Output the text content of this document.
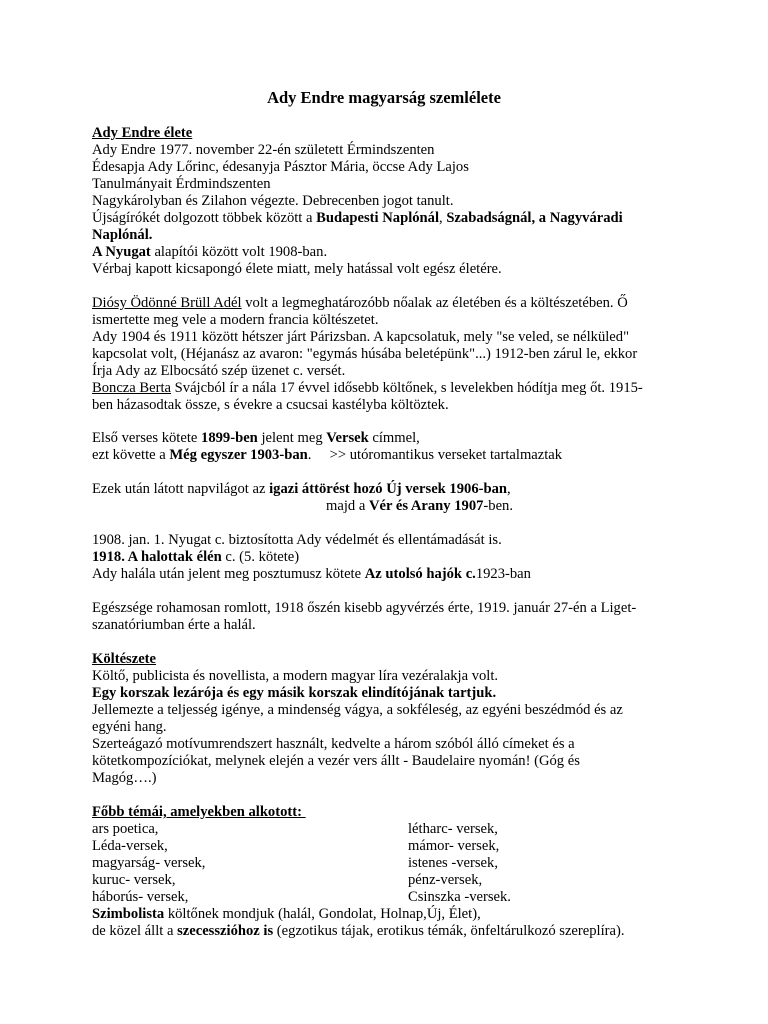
Ady Endre magyarság szemlélete
Ady Endre élete
Ady Endre 1977. november 22-én született Érmindszenten
Édesapja Ady Lőrinc, édesanyja Pásztor Mária, öccse Ady Lajos
Tanulmányait Érdmindszenten
Nagykárolyban és Zilahon végezte. Debrecenben jogot tanult.
Újságírókét dolgozott többek között a Budapesti Naplónál, Szabadságnál, a Nagyváradi
Naplónál.
A Nyugat alapítói között volt 1908-ban.
Vérbaj kapott kicsapongó élete miatt, mely hatással volt egész életére.
Diósy Ödönné Brüll Adél volt a legmeghatározóbb nőalak az életében és a költészetében. Ő
ismertette meg vele a modern francia költészetet.
Ady 1904 és 1911 között hétszer járt Párizsban. A kapcsolatuk, mely "se veled, se nélküled"
kapcsolat volt, (Héjanász az avaron: "egymás húsába beletépünk"...) 1912-ben zárul le, ekkor
Írja Ady az Elbocsátó szép üzenet c. versét.
Boncza Berta Svájcból ír a nála 17 évvel idősebb költőnek, s levelekben hódítja meg őt. 1915-
ben házasodtak össze, s évekre a csucsai kastélyba költöztek.
Első verses kötete 1899-ben jelent meg Versek címmel,
ezt követte a Még egyszer 1903-ban.     >> utóromantikus verseket tartalmaztak
Ezek után látott napvilágot az igazi áttörést hozó Új versek 1906-ban,
majd a Vér és Arany 1907-ben.
1908. jan. 1. Nyugat c. biztosította Ady védelmét és ellentámadását is.
1918. A halottak élén c. (5. kötete)
Ady halála után jelent meg posztumusz kötete Az utolsó hajók c.1923-ban
Egészsége rohamosan romlott, 1918 őszén kisebb agyvérzés érte, 1919. január 27-én a Liget-
szanatóriumban érte a halál.
Költészete
Költő, publicista és novellista, a modern magyar líra vezéralakja volt.
Egy korszak lezárója és egy másik korszak elindítójának tartjuk.
Jellemezte a teljesség igénye, a mindenség vágya, a sokféleség, az egyéni beszédmód és az
egyéni hang.
Szerteágazó motívumrendszert használt, kedvelte a három szóból álló címeket és a
kötetkompozíciókat, melynek elején a vezér vers állt - Baudelaire nyomán! (Góg és
Magóg….)
Főbb témái, amelyekben alkotott:
ars poetica,
Léda-versek,
magyarság- versek,
kuruc- versek,
háborús- versek,
létharc- versek,
mámor- versek,
istenes -versek,
pénz-versek,
Csinszka -versek.
Szimbolista költőnek mondjuk (halál, Gondolat, Holnap,Új, Élet),
de közel állt a szecesszióhoz is (egzotikus tájak, erotikus témák, önfeltárulkozó szereplíra).
